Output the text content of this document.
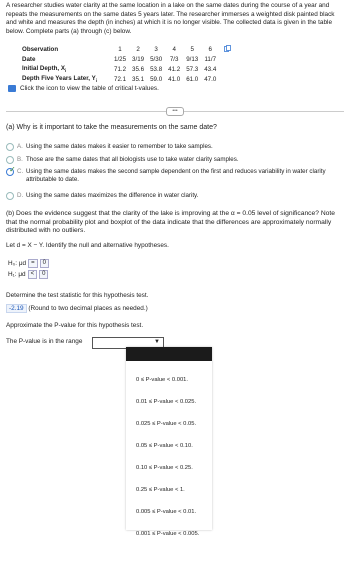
A researcher studies water clarity at the same location in a lake on the same dates during the course of a year and repeats the measurements on the same dates 5 years later. The researcher immerses a weighted disk painted black and white and measures the depth (in inches) at which it is no longer visible. The collected data is given in the table below. Complete parts (a) through (c) below.
Observation	1	2	3	4	5	6	
Date	1/25	3/19	5/30	7/3	9/13	11/7	
Initial Depth, $X_i$	71.2	35.6	53.8	41.2	57.3	43.4	
Depth Five Years Later, $Y_i$	72.1	35.1	59.0	41.0	61.0	47.0	
Click the icon to view the table of critical t-values.
•••
(a) Why is it important to take the measurements on the same date?
A. Using the same dates makes it easier to remember to take samples.
B. Those are the same dates that all biologists use to take water clarity samples.
✓ C. Using the same dates makes the second sample dependent on the first and reduces variability in water clarity attributable to date.
D. Using the same dates maximizes the difference in water clarity.
(b) Does the evidence suggest that the clarity of the lake is improving at the α = 0.05 level of significance? Note that the normal probability plot and boxplot of the data indicate that the differences are approximately normally distributed with no outliers.
Let d = X − Y. Identify the null and alternative hypotheses.
H₀: μd =	0
H₁: μd <	0
Determine the test statistic for this hypothesis test.
-2.19 (Round to two decimal places as needed.)
Approximate the P-value for this hypothesis test.
The P-value is in the range	▼
0 ≤ P-value < 0.001.
0.01 ≤ P-value < 0.025.
0.025 ≤ P-value < 0.05.
0.05 ≤ P-value < 0.10.
0.10 ≤ P-value < 0.25.
0.25 ≤ P-value < 1.
0.005 ≤ P-value < 0.01.
0.001 ≤ P-value < 0.005.
